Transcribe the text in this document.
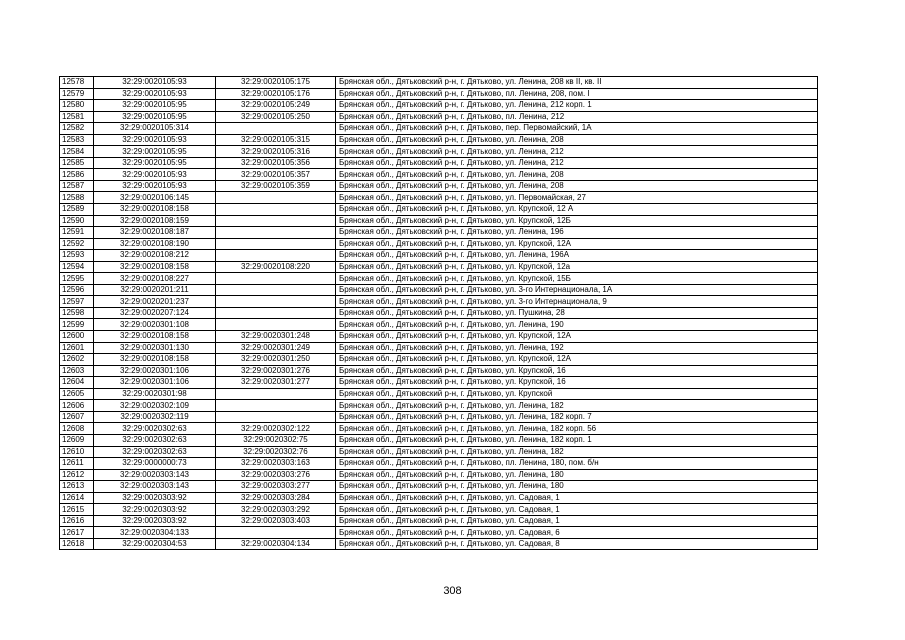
12578	32:29:0020105:93	32:29:0020105:175	Брянская обл., Дятьковский р-н, г. Дятьково, ул. Ленина, 208 кв II, кв. II
12579	32:29:0020105:93	32:29:0020105:176	Брянская обл., Дятьковский р-н, г. Дятьково, пл. Ленина, 208, пом. I
12580	32:29:0020105:95	32:29:0020105:249	Брянская обл., Дятьковский р-н, г. Дятьково, ул. Ленина, 212 корп. 1
12581	32:29:0020105:95	32:29:0020105:250	Брянская обл., Дятьковский р-н, г. Дятьково, пл. Ленина, 212
12582	32:29:0020105:314		Брянская обл., Дятьковский р-н, г. Дятьково, пер. Первомайский, 1А
12583	32:29:0020105:93	32:29:0020105:315	Брянская обл., Дятьковский р-н, г. Дятьково, ул. Ленина, 208
12584	32:29:0020105:95	32:29:0020105:316	Брянская обл., Дятьковский р-н, г. Дятьково, ул. Ленина, 212
12585	32:29:0020105:95	32:29:0020105:356	Брянская обл., Дятьковский р-н, г. Дятьково, ул. Ленина, 212
12586	32:29:0020105:93	32:29:0020105:357	Брянская обл., Дятьковский р-н, г. Дятьково, ул. Ленина, 208
12587	32:29:0020105:93	32:29:0020105:359	Брянская обл., Дятьковский р-н, г. Дятьково, ул. Ленина, 208
12588	32:29:0020106:145		Брянская обл., Дятьковский р-н, г. Дятьково, ул. Первомайская, 27
12589	32:29:0020108:158		Брянская обл., Дятьковский р-н, г. Дятьково, ул. Крупской, 12 А
12590	32:29:0020108:159		Брянская обл., Дятьковский р-н, г. Дятьково, ул. Крупской, 12Б
12591	32:29:0020108:187		Брянская обл., Дятьковский р-н, г. Дятьково, ул. Ленина, 196
12592	32:29:0020108:190		Брянская обл., Дятьковский р-н, г. Дятьково, ул. Крупской, 12А
12593	32:29:0020108:212		Брянская обл., Дятьковский р-н, г. Дятьково, ул. Ленина, 196А
12594	32:29:0020108:158	32:29:0020108:220	Брянская обл., Дятьковский р-н, г. Дятьково, ул. Крупской, 12а
12595	32:29:0020108:227		Брянская обл., Дятьковский р-н, г. Дятьково, ул. Крупской, 15Б
12596	32:29:0020201:211		Брянская обл., Дятьковский р-н, г. Дятьково, ул. 3-го Интернационала, 1А
12597	32:29:0020201:237		Брянская обл., Дятьковский р-н, г. Дятьково, ул. 3-го Интернационала, 9
12598	32:29:0020207:124		Брянская обл., Дятьковский р-н, г. Дятьково, ул. Пушкина, 28
12599	32:29:0020301:108		Брянская обл., Дятьковский р-н, г. Дятьково, ул. Ленина, 190
12600	32:29:0020108:158	32:29:0020301:248	Брянская обл., Дятьковский р-н, г. Дятьково, ул. Крупской, 12А
12601	32:29:0020301:130	32:29:0020301:249	Брянская обл., Дятьковский р-н, г. Дятьково, ул. Ленина, 192
12602	32:29:0020108:158	32:29:0020301:250	Брянская обл., Дятьковский р-н, г. Дятьково, ул. Крупской, 12А
12603	32:29:0020301:106	32:29:0020301:276	Брянская обл., Дятьковский р-н, г. Дятьково, ул. Крупской, 16
12604	32:29:0020301:106	32:29:0020301:277	Брянская обл., Дятьковский р-н, г. Дятьково, ул. Крупской, 16
12605	32:29:0020301:98		Брянская обл., Дятьковский р-н, г. Дятьково, ул. Крупской
12606	32:29:0020302:109		Брянская обл., Дятьковский р-н, г. Дятьково, ул. Ленина, 182
12607	32:29:0020302:119		Брянская обл., Дятьковский р-н, г. Дятьково, ул. Ленина, 182 корп. 7
12608	32:29:0020302:63	32:29:0020302:122	Брянская обл., Дятьковский р-н, г. Дятьково, ул. Ленина, 182 корп. 56
12609	32:29:0020302:63	32:29:0020302:75	Брянская обл., Дятьковский р-н, г. Дятьково, ул. Ленина, 182 корп. 1
12610	32:29:0020302:63	32:29:0020302:76	Брянская обл., Дятьковский р-н, г. Дятьково, ул. Ленина, 182
12611	32:29:0000000:73	32:29:0020303:163	Брянская обл., Дятьковский р-н, г. Дятьково, пл. Ленина, 180, пом. б/н
12612	32:29:0020303:143	32:29:0020303:276	Брянская обл., Дятьковский р-н, г. Дятьково, ул. Ленина, 180
12613	32:29:0020303:143	32:29:0020303:277	Брянская обл., Дятьковский р-н, г. Дятьково, ул. Ленина, 180
12614	32:29:0020303:92	32:29:0020303:284	Брянская обл., Дятьковский р-н, г. Дятьково, ул. Садовая, 1
12615	32:29:0020303:92	32:29:0020303:292	Брянская обл., Дятьковский р-н, г. Дятьково, ул. Садовая, 1
12616	32:29:0020303:92	32:29:0020303:403	Брянская обл., Дятьковский р-н, г. Дятьково, ул. Садовая, 1
12617	32:29:0020304:133		Брянская обл., Дятьковский р-н, г. Дятьково, ул. Садовая, 6
12618	32:29:0020304:53	32:29:0020304:134	Брянская обл., Дятьковский р-н, г. Дятьково, ул. Садовая, 8
308
